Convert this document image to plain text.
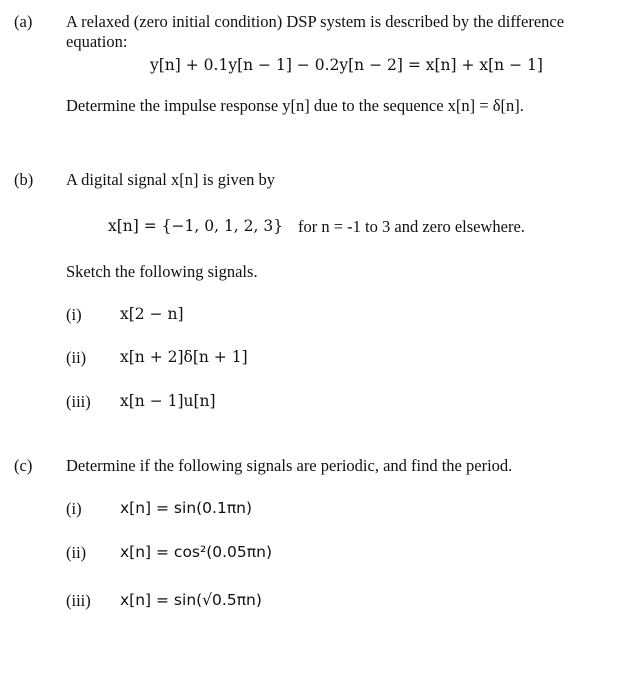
(a) A relaxed (zero initial condition) DSP system is described by the difference
equation:
y[n] + 0.1y[n − 1] − 0.2y[n − 2] = x[n] + x[n − 1]
Determine the impulse response y[n] due to the sequence x[n] = δ[n].
(b) A digital signal x[n] is given by
x[n] = {−1, 0, 1, 2, 3} for n = -1 to 3 and zero elsewhere.
Sketch the following signals.
(i) x[2 − n]
(ii) x[n + 2]δ[n + 1]
(iii) x[n − 1]u[n]
(c) Determine if the following signals are periodic, and find the period.
(i) x[n] = sin(0.1πn)
(ii) x[n] = cos²(0.05πn)
(iii) x[n] = sin(√0.5πn)
